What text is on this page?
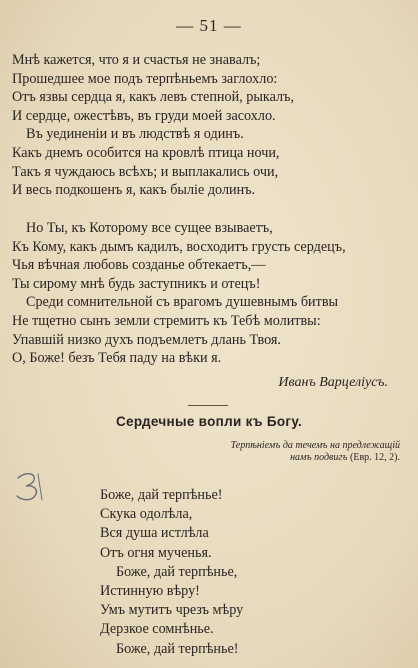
— 51 —
Мнѣ кажется, что я и счастья не знавалъ;
Прошедшее мое подъ терпѣньемъ заглохло:
Отъ язвы сердца я, какъ левъ степной, рыкалъ,
И сердце, ожестѣвъ, въ груди моей засохло.
Въ уединеніи и въ людствѣ я одинъ.
Какъ днемъ особится на кровлѣ птица ночи,
Такъ я чуждаюсь всѣхъ; и выплакались очи,
И весь подкошенъ я, какъ быліе долинъ.
Но Ты, къ Которому все сущее взываетъ,
Къ Кому, какъ дымъ кадилъ, восходитъ грусть сердецъ,
Чья вѣчная любовь созданье обтекаетъ,—
Ты сирому мнѣ будь заступникъ и отецъ!
Среди сомнительной съ врагомъ душевнымъ битвы
Не тщетно сынъ земли стремитъ къ Тебѣ молитвы:
Упавшій низко духъ подъемлетъ длань Твоя.
О, Боже! безъ Тебя паду на вѣки я.
Иванъ Варцеліусъ.
Сердечные вопли къ Богу.
Терпѣніемъ да течемъ на предлежащій
намъ подвигъ (Евр. 12, 2).
Боже, дай терпѣнье!
Скука одолѣла,
Вся душа истлѣла
Отъ огня мученья.
Боже, дай терпѣнье,
Истинную вѣру!
Умъ мутитъ чрезъ мѣру
Дерзкое сомнѣнье.
Боже, дай терпѣнье!
